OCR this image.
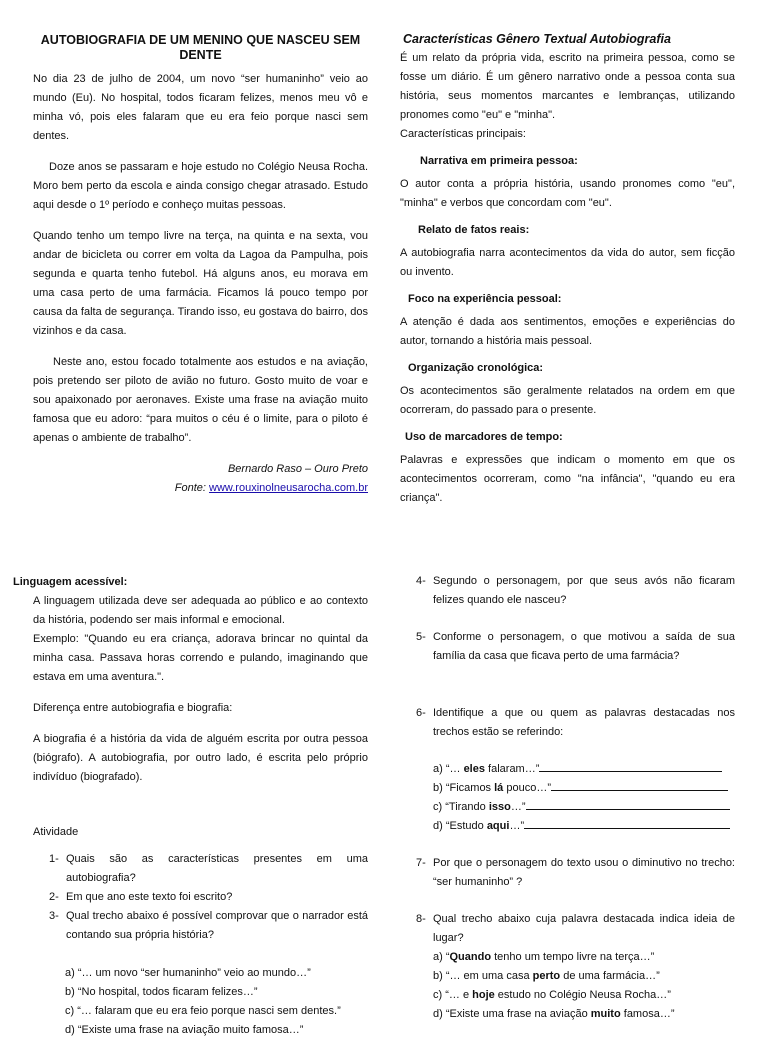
AUTOBIOGRAFIA DE UM MENINO QUE NASCEU SEM DENTE

No dia 23 de julho de 2004, um novo “ser humaninho” veio ao mundo (Eu). No hospital, todos ficaram felizes, menos meu vô e minha vó, pois eles falaram que eu era feio porque nasci sem dentes.

Doze anos se passaram e hoje estudo no Colégio Neusa Rocha. Moro bem perto da escola e ainda consigo chegar atrasado. Estudo aqui desde o 1º período e conheço muitas pessoas.

Quando tenho um tempo livre na terça, na quinta e na sexta, vou andar de bicicleta ou correr em volta da Lagoa da Pampulha, pois segunda e quarta tenho futebol. Há alguns anos, eu morava em uma casa perto de uma farmácia. Ficamos lá pouco tempo por causa da falta de segurança. Tirando isso, eu gostava do bairro, dos vizinhos e da casa.

Neste ano, estou focado totalmente aos estudos e na aviação, pois pretendo ser piloto de avião no futuro. Gosto muito de voar e sou apaixonado por aeronaves. Existe uma frase na aviação muito famosa que eu adoro: “para muitos o céu é o limite, para o piloto é apenas o ambiente de trabalho”.

Bernardo Raso – Ouro Preto
Fonte: www.rouxinolneusarocha.com.br
Características Gênero Textual Autobiografia

É um relato da própria vida, escrito na primeira pessoa, como se fosse um diário. É um gênero narrativo onde a pessoa conta sua história, seus momentos marcantes e lembranças, utilizando pronomes como "eu" e "minha".

Características principais:
Narrativa em primeira pessoa:

O autor conta a própria história, usando pronomes como "eu", "minha" e verbos que concordam com "eu".

Relato de fatos reais:

A autobiografia narra acontecimentos da vida do autor, sem ficção ou invento.

Foco na experiência pessoal:

A atenção é dada aos sentimentos, emoções e experiências do autor, tornando a história mais pessoal.

Organização cronológica:

Os acontecimentos são geralmente relatados na ordem em que ocorreram, do passado para o presente.

Uso de marcadores de tempo:

Palavras e expressões que indicam o momento em que os acontecimentos ocorreram, como "na infância", "quando eu era criança".

Linguagem acessível:

A linguagem utilizada deve ser adequada ao público e ao contexto da história, podendo ser mais informal e emocional.

Exemplo: "Quando eu era criança, adorava brincar no quintal da minha casa. Passava horas correndo e pulando, imaginando que estava em uma aventura.".

Diferença entre autobiografia e biografia:

A biografia é a história da vida de alguém escrita por outra pessoa (biógrafo). A autobiografia, por outro lado, é escrita pelo próprio indivíduo (biografado).

Atividade
1- Quais são as características presentes em uma autobiografia?
2- Em que ano este texto foi escrito?
3- Qual trecho abaixo é possível comprovar que o narrador está contando sua própria história?
a) “… um novo “ser humaninho” veio ao mundo…”
b) “No hospital, todos ficaram felizes…”
c) “… falaram que eu era feio porque nasci sem dentes.”
d) “Existe uma frase na aviação muito famosa…”
4- Segundo o personagem, por que seus avós não ficaram felizes quando ele nasceu?
5- Conforme o personagem, o que motivou a saída de sua família da casa que ficava perto de uma farmácia?
6- Identifique a que ou quem as palavras destacadas nos trechos estão se referindo:
a) “… eles falaram…”
b) “Ficamos lá pouco…”
c) “Tirando isso…”
d) “Estudo aqui…”
7- Por que o personagem do texto usou o diminutivo no trecho: “ser humaninho” ?
8- Qual trecho abaixo cuja palavra destacada indica ideia de lugar?
a) “Quando tenho um tempo livre na terça…”
b) “… em uma casa perto de uma farmácia…”
c) “… e hoje estudo no Colégio Neusa Rocha…”
d) “Existe uma frase na aviação muito famosa…”
